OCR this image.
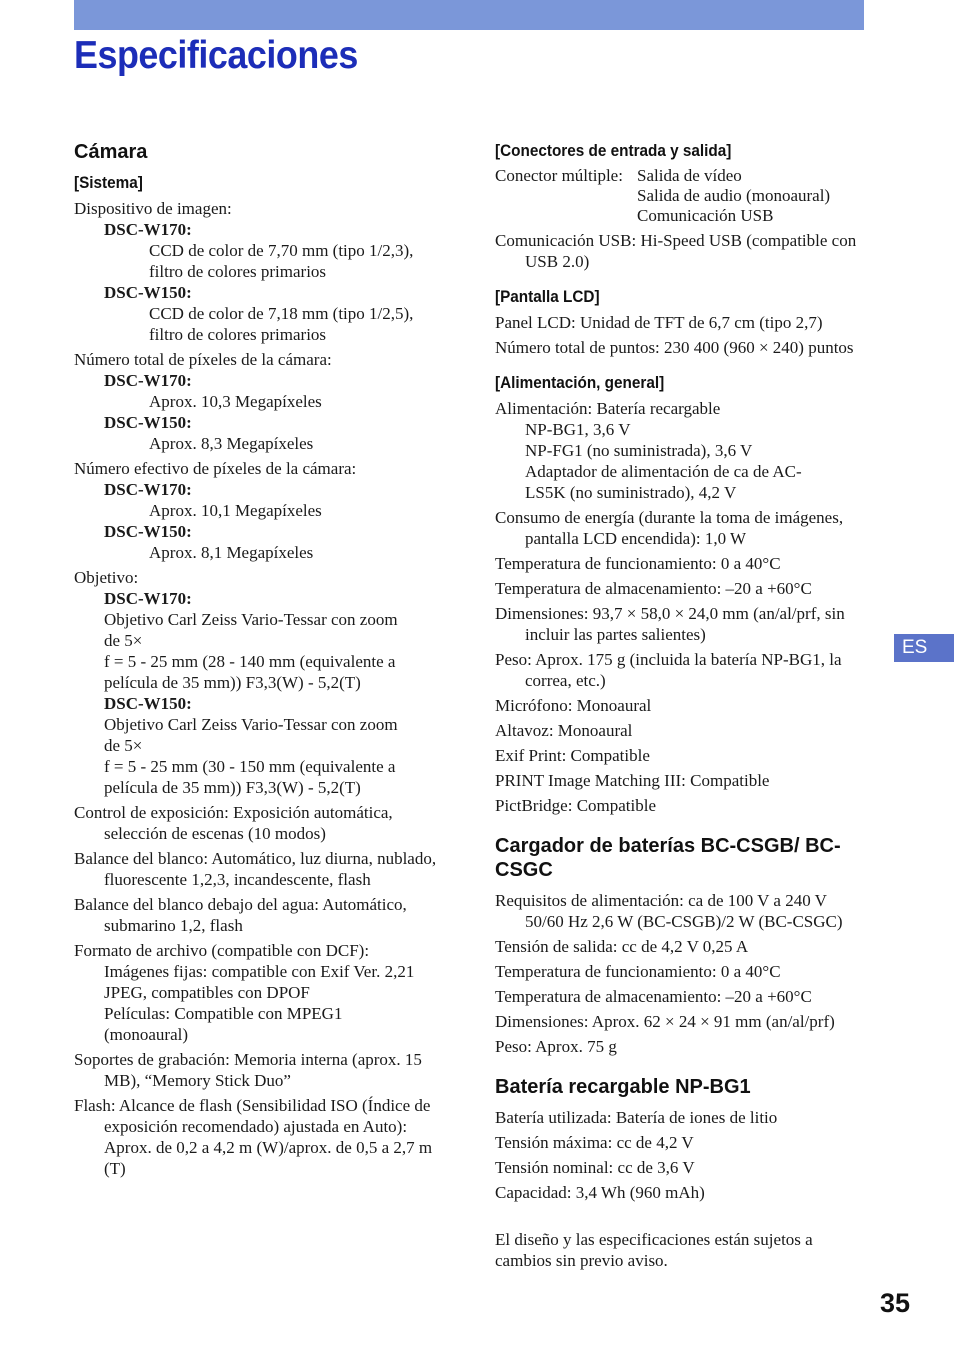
Especificaciones
ES
35
Cámara
[Sistema]

Dispositivo de imagen:

DSC-W170:

CCD de color de 7,70 mm (tipo 1/2,3),

filtro de colores primarios

DSC-W150:

CCD de color de 7,18 mm (tipo 1/2,5),

filtro de colores primarios

Número total de píxeles de la cámara:

DSC-W170:

Aprox. 10,3 Megapíxeles

DSC-W150:

Aprox. 8,3 Megapíxeles

Número efectivo de píxeles de la cámara:

DSC-W170:

Aprox. 10,1 Megapíxeles

DSC-W150:

Aprox. 8,1 Megapíxeles

Objetivo:

DSC-W170:

Objetivo Carl Zeiss Vario-Tessar con zoom

de 5×

f = 5 - 25 mm (28 - 140 mm (equivalente a

película de 35 mm)) F3,3(W) - 5,2(T)

DSC-W150:

Objetivo Carl Zeiss Vario-Tessar con zoom

de 5×

f = 5 - 25 mm (30 - 150 mm (equivalente a

película de 35 mm)) F3,3(W) - 5,2(T)

Control de exposición: Exposición automática, selección de escenas (10 modos)
Balance del blanco: Automático, luz diurna, nublado, fluorescente 1,2,3, incandescente, flash
Balance del blanco debajo del agua: Automático, submarino 1,2, flash

Formato de archivo (compatible con DCF):

Imágenes fijas: compatible con Exif Ver. 2,21

JPEG, compatibles con DPOF

Películas: Compatible con MPEG1

(monoaural)

Soportes de grabación: Memoria interna (aprox. 15 MB), “Memory Stick Duo”
Flash: Alcance de flash (Sensibilidad ISO (Índice de exposición recomendado) ajustada en Auto):

Aprox. de 0,2 a 4,2 m (W)/aprox. de 0,5 a 2,7 m (T)

[Conectores de entrada y salida]
Conector múltiple: Salida de vídeo
Salida de audio (monoaural)
Comunicación USB
Comunicación USB: Hi-Speed USB (compatible con USB 2.0)
[Pantalla LCD]
Panel LCD: Unidad de TFT de 6,7 cm (tipo 2,7)
Número total de puntos: 230 400 (960 × 240) puntos
[Alimentación, general]

Alimentación: Batería recargable

NP-BG1, 3,6 V

NP-FG1 (no suministrada), 3,6 V

Adaptador de alimentación de ca de AC-

LS5K (no suministrado), 4,2 V

Consumo de energía (durante la toma de imágenes, pantalla LCD encendida): 1,0 W
Temperatura de funcionamiento: 0 a 40°C
Temperatura de almacenamiento: –20 a +60°C
Dimensiones: 93,7 × 58,0 × 24,0 mm (an/al/prf, sin incluir las partes salientes)
Peso: Aprox. 175 g (incluida la batería NP-BG1, la correa, etc.)
Micrófono: Monoaural
Altavoz: Monoaural
Exif Print: Compatible
PRINT Image Matching III: Compatible
PictBridge: Compatible
Cargador de baterías BC-CSGB/ BC-CSGC
Requisitos de alimentación: ca de 100 V a 240 V 50/60 Hz 2,6 W (BC-CSGB)/2 W (BC-CSGC)
Tensión de salida: cc de 4,2 V 0,25 A
Temperatura de funcionamiento: 0 a 40°C
Temperatura de almacenamiento: –20 a +60°C
Dimensiones: Aprox. 62 × 24 × 91 mm (an/al/prf)
Peso: Aprox. 75 g
Batería recargable NP-BG1
Batería utilizada: Batería de iones de litio
Tensión máxima: cc de 4,2 V
Tensión nominal: cc de 3,6 V
Capacidad: 3,4 Wh (960 mAh)

El diseño y las especificaciones están sujetos a cambios sin previo aviso.
